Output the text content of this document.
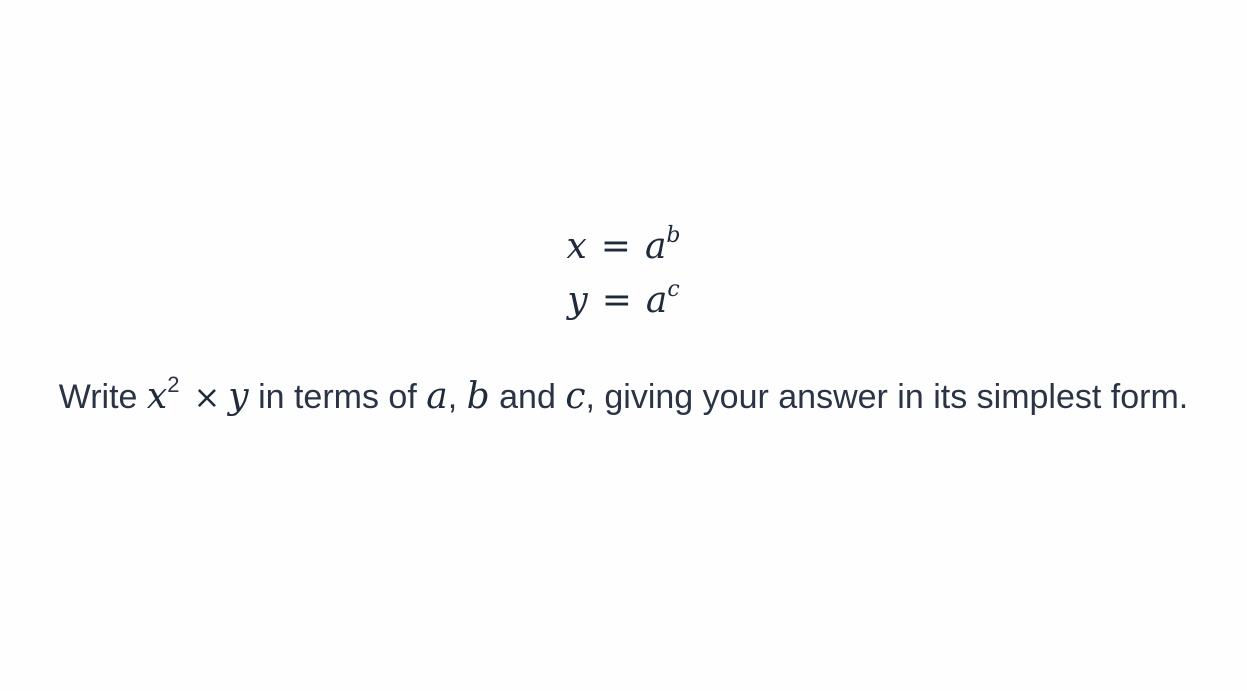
$x = a^b$
$y = a^c$
Write $x^2 \times y$ in terms of a, b and c, giving your answer in its simplest form.
